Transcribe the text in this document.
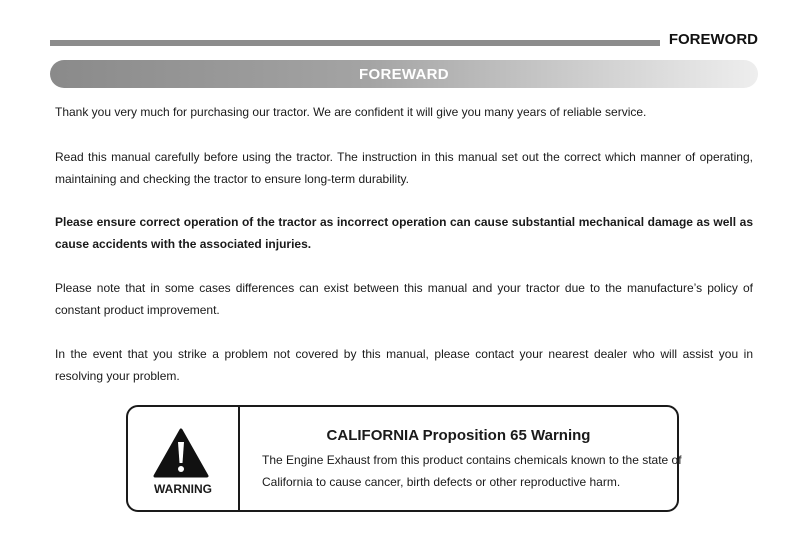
FOREWORD
FOREWARD

Thank you very much for purchasing our tractor. We are confident it will give you many years of reliable service.

Read this manual carefully before using the tractor. The instruction in this manual set out the correct which manner of operating, maintaining and checking the tractor to ensure long-term durability.

Please ensure correct operation of the tractor as incorrect operation can cause substantial mechanical damage as well as cause accidents with the associated injuries.

Please note that in some cases differences can exist between this manual and your tractor due to the manufacture’s policy of constant product improvement.

In the event that you strike a problem not covered by this manual, please contact your nearest dealer who will assist you in resolving your problem.

WARNING
CALIFORNIA Proposition 65 Warning

The Engine Exhaust from this product contains chemicals known to the state of California to cause cancer, birth defects or other reproductive harm.
